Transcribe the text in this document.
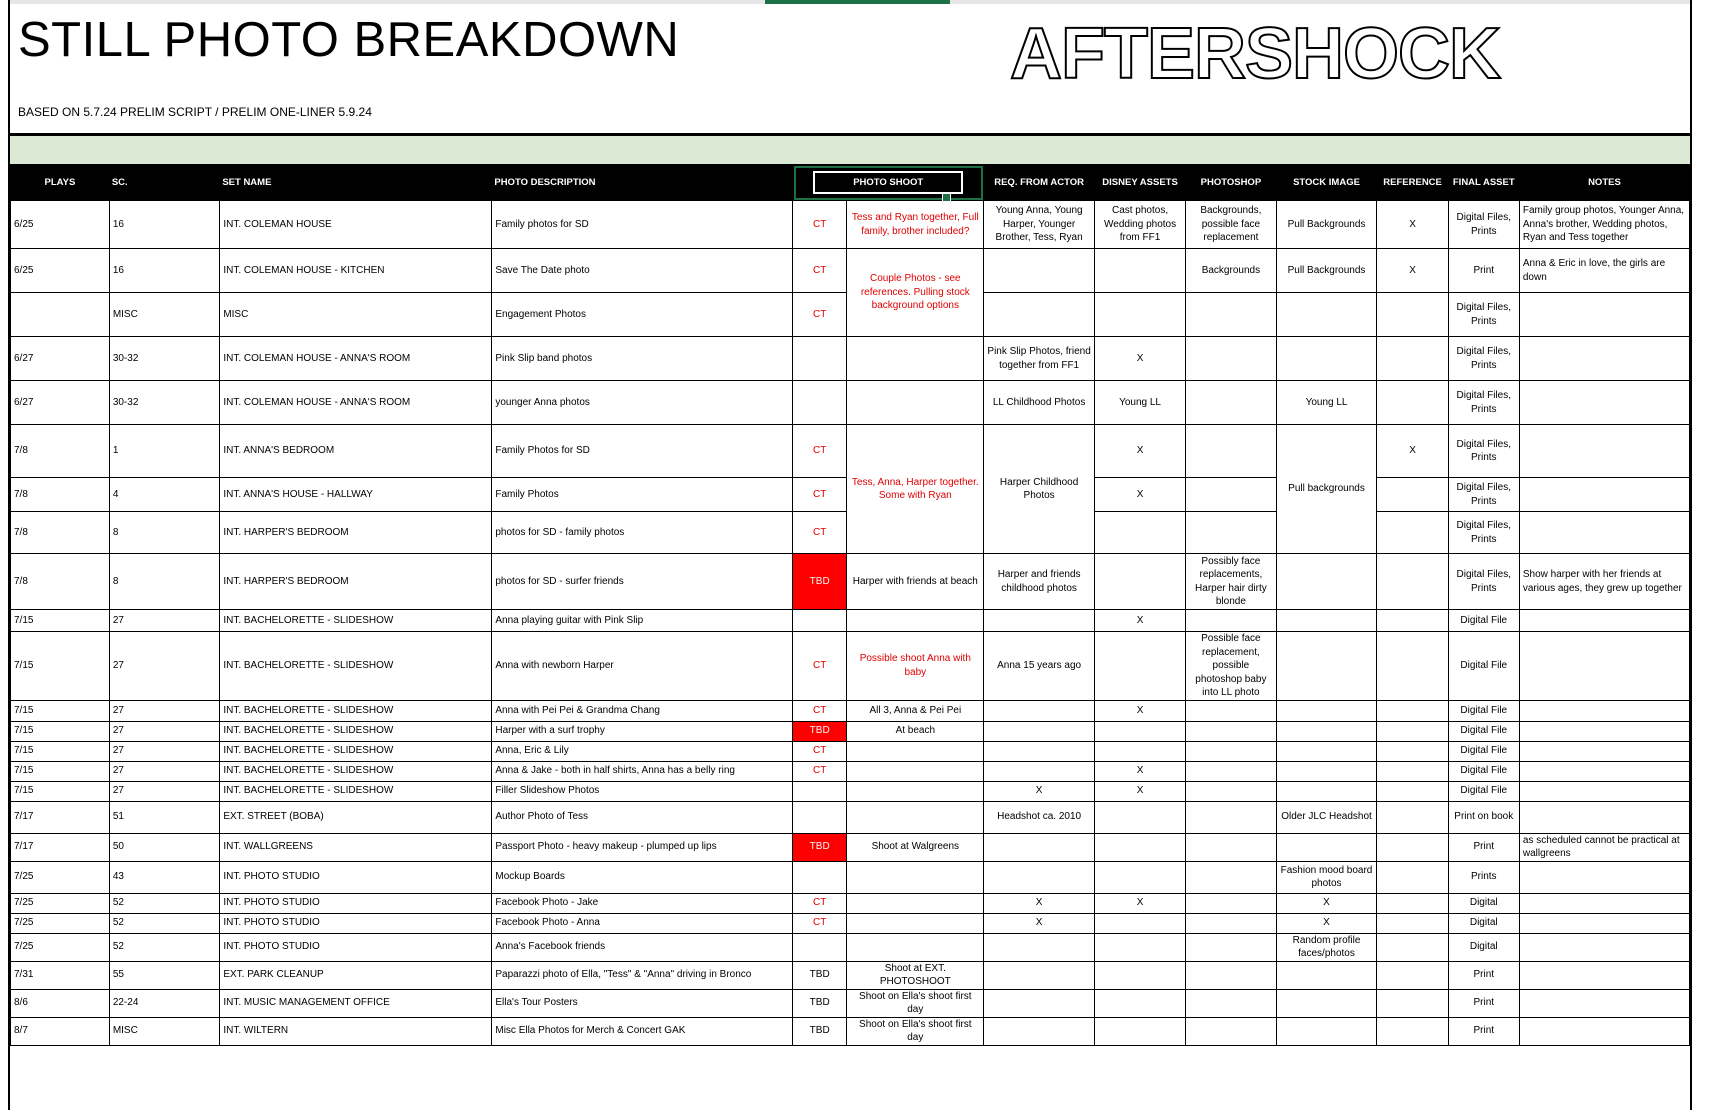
STILL PHOTO BREAKDOWN
BASED ON 5.7.24 PRELIM SCRIPT / PRELIM ONE-LINER 5.9.24
AFTERSHOCK
PLAYS	SC.	SET NAME	PHOTO DESCRIPTION	PHOTO SHOOT		REQ. FROM ACTOR	DISNEY ASSETS	PHOTOSHOP	STOCK IMAGE	REFERENCE	FINAL ASSET	NOTES
6/25	16	INT. COLEMAN HOUSE	Family photos for SD	CT	Tess and Ryan together, Full family, brother included?	Young Anna, Young Harper, Younger Brother, Tess, Ryan	Cast photos, Wedding photos from FF1	Backgrounds, possible face replacement	Pull Backgrounds	X	Digital Files, Prints	Family group photos, Younger Anna, Anna's brother, Wedding photos, Ryan and Tess together
6/25	16	INT. COLEMAN HOUSE - KITCHEN	Save The Date photo	CT	Couple Photos - see references. Pulling stock background options			Backgrounds	Pull Backgrounds	X	Print	Anna & Eric in love, the girls are down
	MISC	MISC	Engagement Photos	CT							Digital Files, Prints	
6/27	30-32	INT. COLEMAN HOUSE - ANNA'S ROOM	Pink Slip band photos			Pink Slip Photos, friend together from FF1	X				Digital Files, Prints	
6/27	30-32	INT. COLEMAN HOUSE - ANNA'S ROOM	younger Anna photos			LL Childhood Photos	Young LL		Young LL		Digital Files, Prints	
7/8	1	INT. ANNA'S BEDROOM	Family Photos for SD	CT	Tess, Anna, Harper together. Some with Ryan	Harper Childhood Photos	X		Pull backgrounds	X	Digital Files, Prints	
7/8	4	INT. ANNA'S HOUSE - HALLWAY	Family Photos	CT			X				Digital Files, Prints	
7/8	8	INT. HARPER'S BEDROOM	photos for SD - family photos	CT							Digital Files, Prints	
7/8	8	INT. HARPER'S BEDROOM	photos for SD - surfer friends	TBD	Harper with friends at beach	Harper and friends childhood photos		Possibly face replacements, Harper hair dirty blonde			Digital Files, Prints	Show harper with her friends at various ages, they grew up together
7/15	27	INT. BACHELORETTE - SLIDESHOW	Anna playing guitar with Pink Slip				X				Digital File	
7/15	27	INT. BACHELORETTE - SLIDESHOW	Anna with newborn Harper	CT	Possible shoot Anna with baby	Anna 15 years ago		Possible face replacement, possible photoshop baby into LL photo			Digital File	
7/15	27	INT. BACHELORETTE - SLIDESHOW	Anna with Pei Pei & Grandma Chang	CT	All 3, Anna & Pei Pei		X				Digital File	
7/15	27	INT. BACHELORETTE - SLIDESHOW	Harper with a surf trophy	TBD	At beach						Digital File	
7/15	27	INT. BACHELORETTE - SLIDESHOW	Anna, Eric & Lily	CT							Digital File	
7/15	27	INT. BACHELORETTE - SLIDESHOW	Anna & Jake - both in half shirts, Anna has a belly ring	CT			X				Digital File	
7/15	27	INT. BACHELORETTE - SLIDESHOW	Filler Slideshow Photos			X	X				Digital File	
7/17	51	EXT. STREET (BOBA)	Author Photo of Tess			Headshot ca. 2010			Older JLC Headshot		Print on book	
7/17	50	INT. WALLGREENS	Passport Photo - heavy makeup - plumped up lips	TBD	Shoot at Walgreens						Print	as scheduled cannot be practical at wallgreens
7/25	43	INT. PHOTO STUDIO	Mockup Boards						Fashion mood board photos		Prints	
7/25	52	INT. PHOTO STUDIO	Facebook Photo - Jake	CT		X	X		X		Digital	
7/25	52	INT. PHOTO STUDIO	Facebook Photo - Anna	CT		X			X		Digital	
7/25	52	INT. PHOTO STUDIO	Anna's Facebook friends						Random profile faces/photos		Digital	
7/31	55	EXT. PARK CLEANUP	Paparazzi photo of Ella, "Tess" & "Anna" driving in Bronco	TBD	Shoot at EXT. PHOTOSHOOT						Print	
8/6	22-24	INT. MUSIC MANAGEMENT OFFICE	Ella's Tour Posters	TBD	Shoot on Ella's shoot first day						Print	
8/7	MISC	INT. WILTERN	Misc Ella Photos for Merch & Concert GAK	TBD	Shoot on Ella's shoot first day						Print	
